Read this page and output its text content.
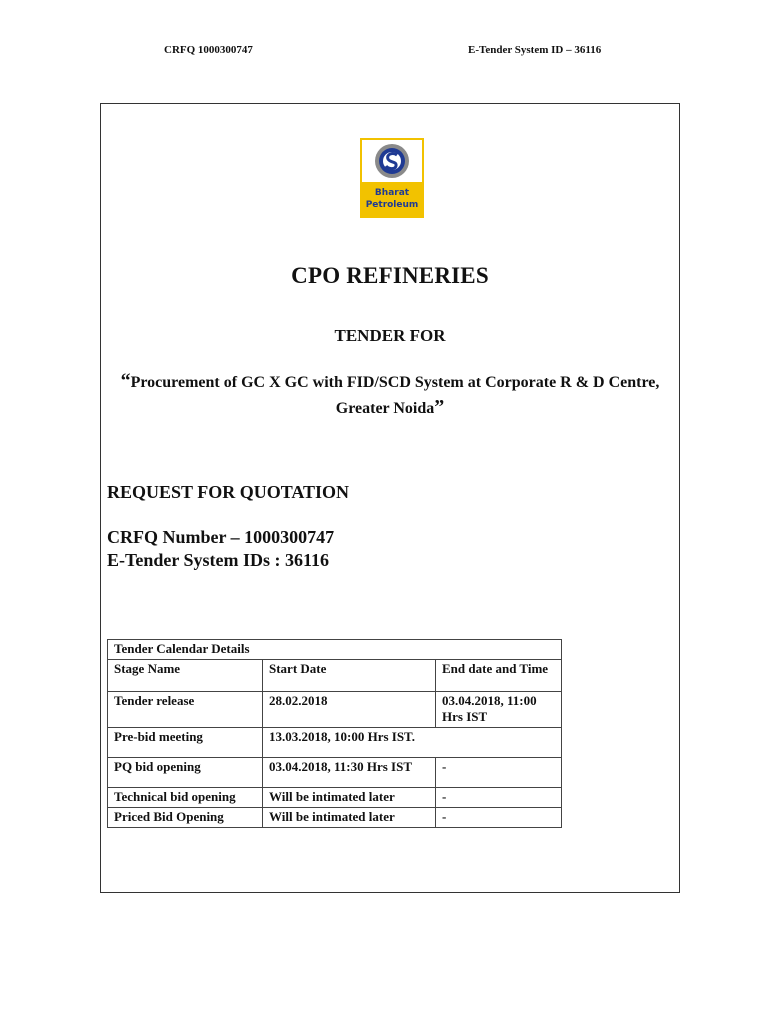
CRFQ 1000300747	E-Tender System ID – 36116
Bharat
Petroleum
CPO REFINERIES
TENDER FOR
“Procurement of GC X GC with FID/SCD System at Corporate R & D Centre,
Greater Noida”
REQUEST FOR QUOTATION
CRFQ Number – 1000300747
E-Tender System IDs : 36116
Tender Calendar Details		
Stage Name	Start Date	End date and Time
Tender release	28.02.2018	03.04.2018, 11:00 Hrs IST
Pre-bid meeting	13.03.2018, 10:00 Hrs IST.	
PQ bid opening	03.04.2018, 11:30 Hrs IST	-
Technical bid opening	Will be intimated later	-
Priced Bid Opening	Will be intimated later	-
